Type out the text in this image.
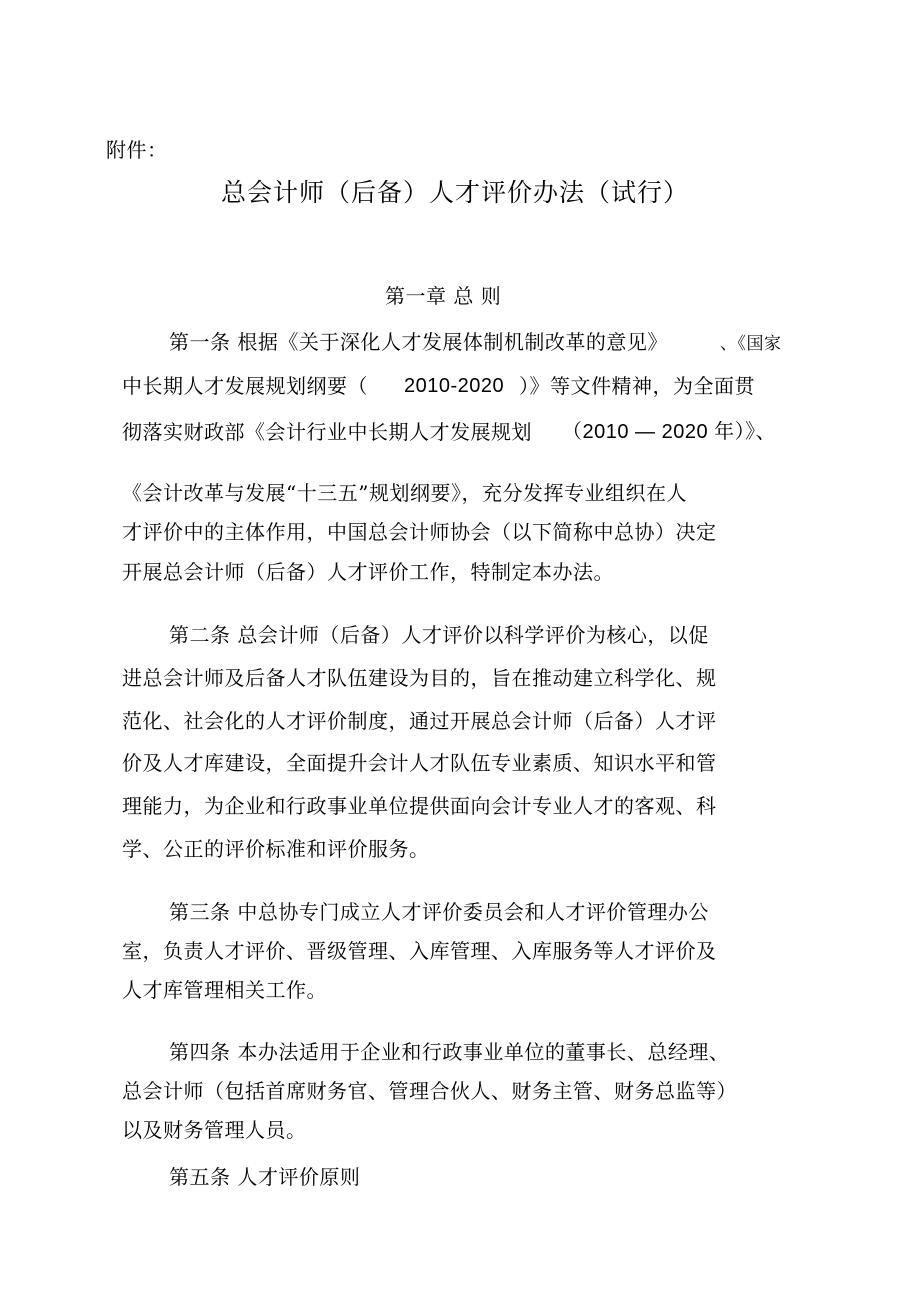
附件：
总会计师（后备）人才评价办法（试行）
第一章 总 则
第一条 根据《关于深化人才发展体制机制改革的意见》	、《国家
中长期人才发展规划纲要（ 2010-2020 ）》等文件精神，为全面贯
彻落实财政部《会计行业中长期人才发展规划 （2010 — 2020 年）》、
《会计改革与发展“十三五”规划纲要》，充分发挥专业组织在人
才评价中的主体作用，中国总会计师协会（以下简称中总协）决定
开展总会计师（后备）人才评价工作，特制定本办法。
第二条 总会计师（后备）人才评价以科学评价为核心，以促
进总会计师及后备人才队伍建设为目的，旨在推动建立科学化、规
范化、社会化的人才评价制度，通过开展总会计师（后备）人才评
价及人才库建设，全面提升会计人才队伍专业素质、知识水平和管
理能力，为企业和行政事业单位提供面向会计专业人才的客观、科
学、公正的评价标准和评价服务。
第三条 中总协专门成立人才评价委员会和人才评价管理办公
室，负责人才评价、晋级管理、入库管理、入库服务等人才评价及
人才库管理相关工作。
第四条 本办法适用于企业和行政事业单位的董事长、总经理、
总会计师（包括首席财务官、管理合伙人、财务主管、财务总监等）
以及财务管理人员。
第五条 人才评价原则
